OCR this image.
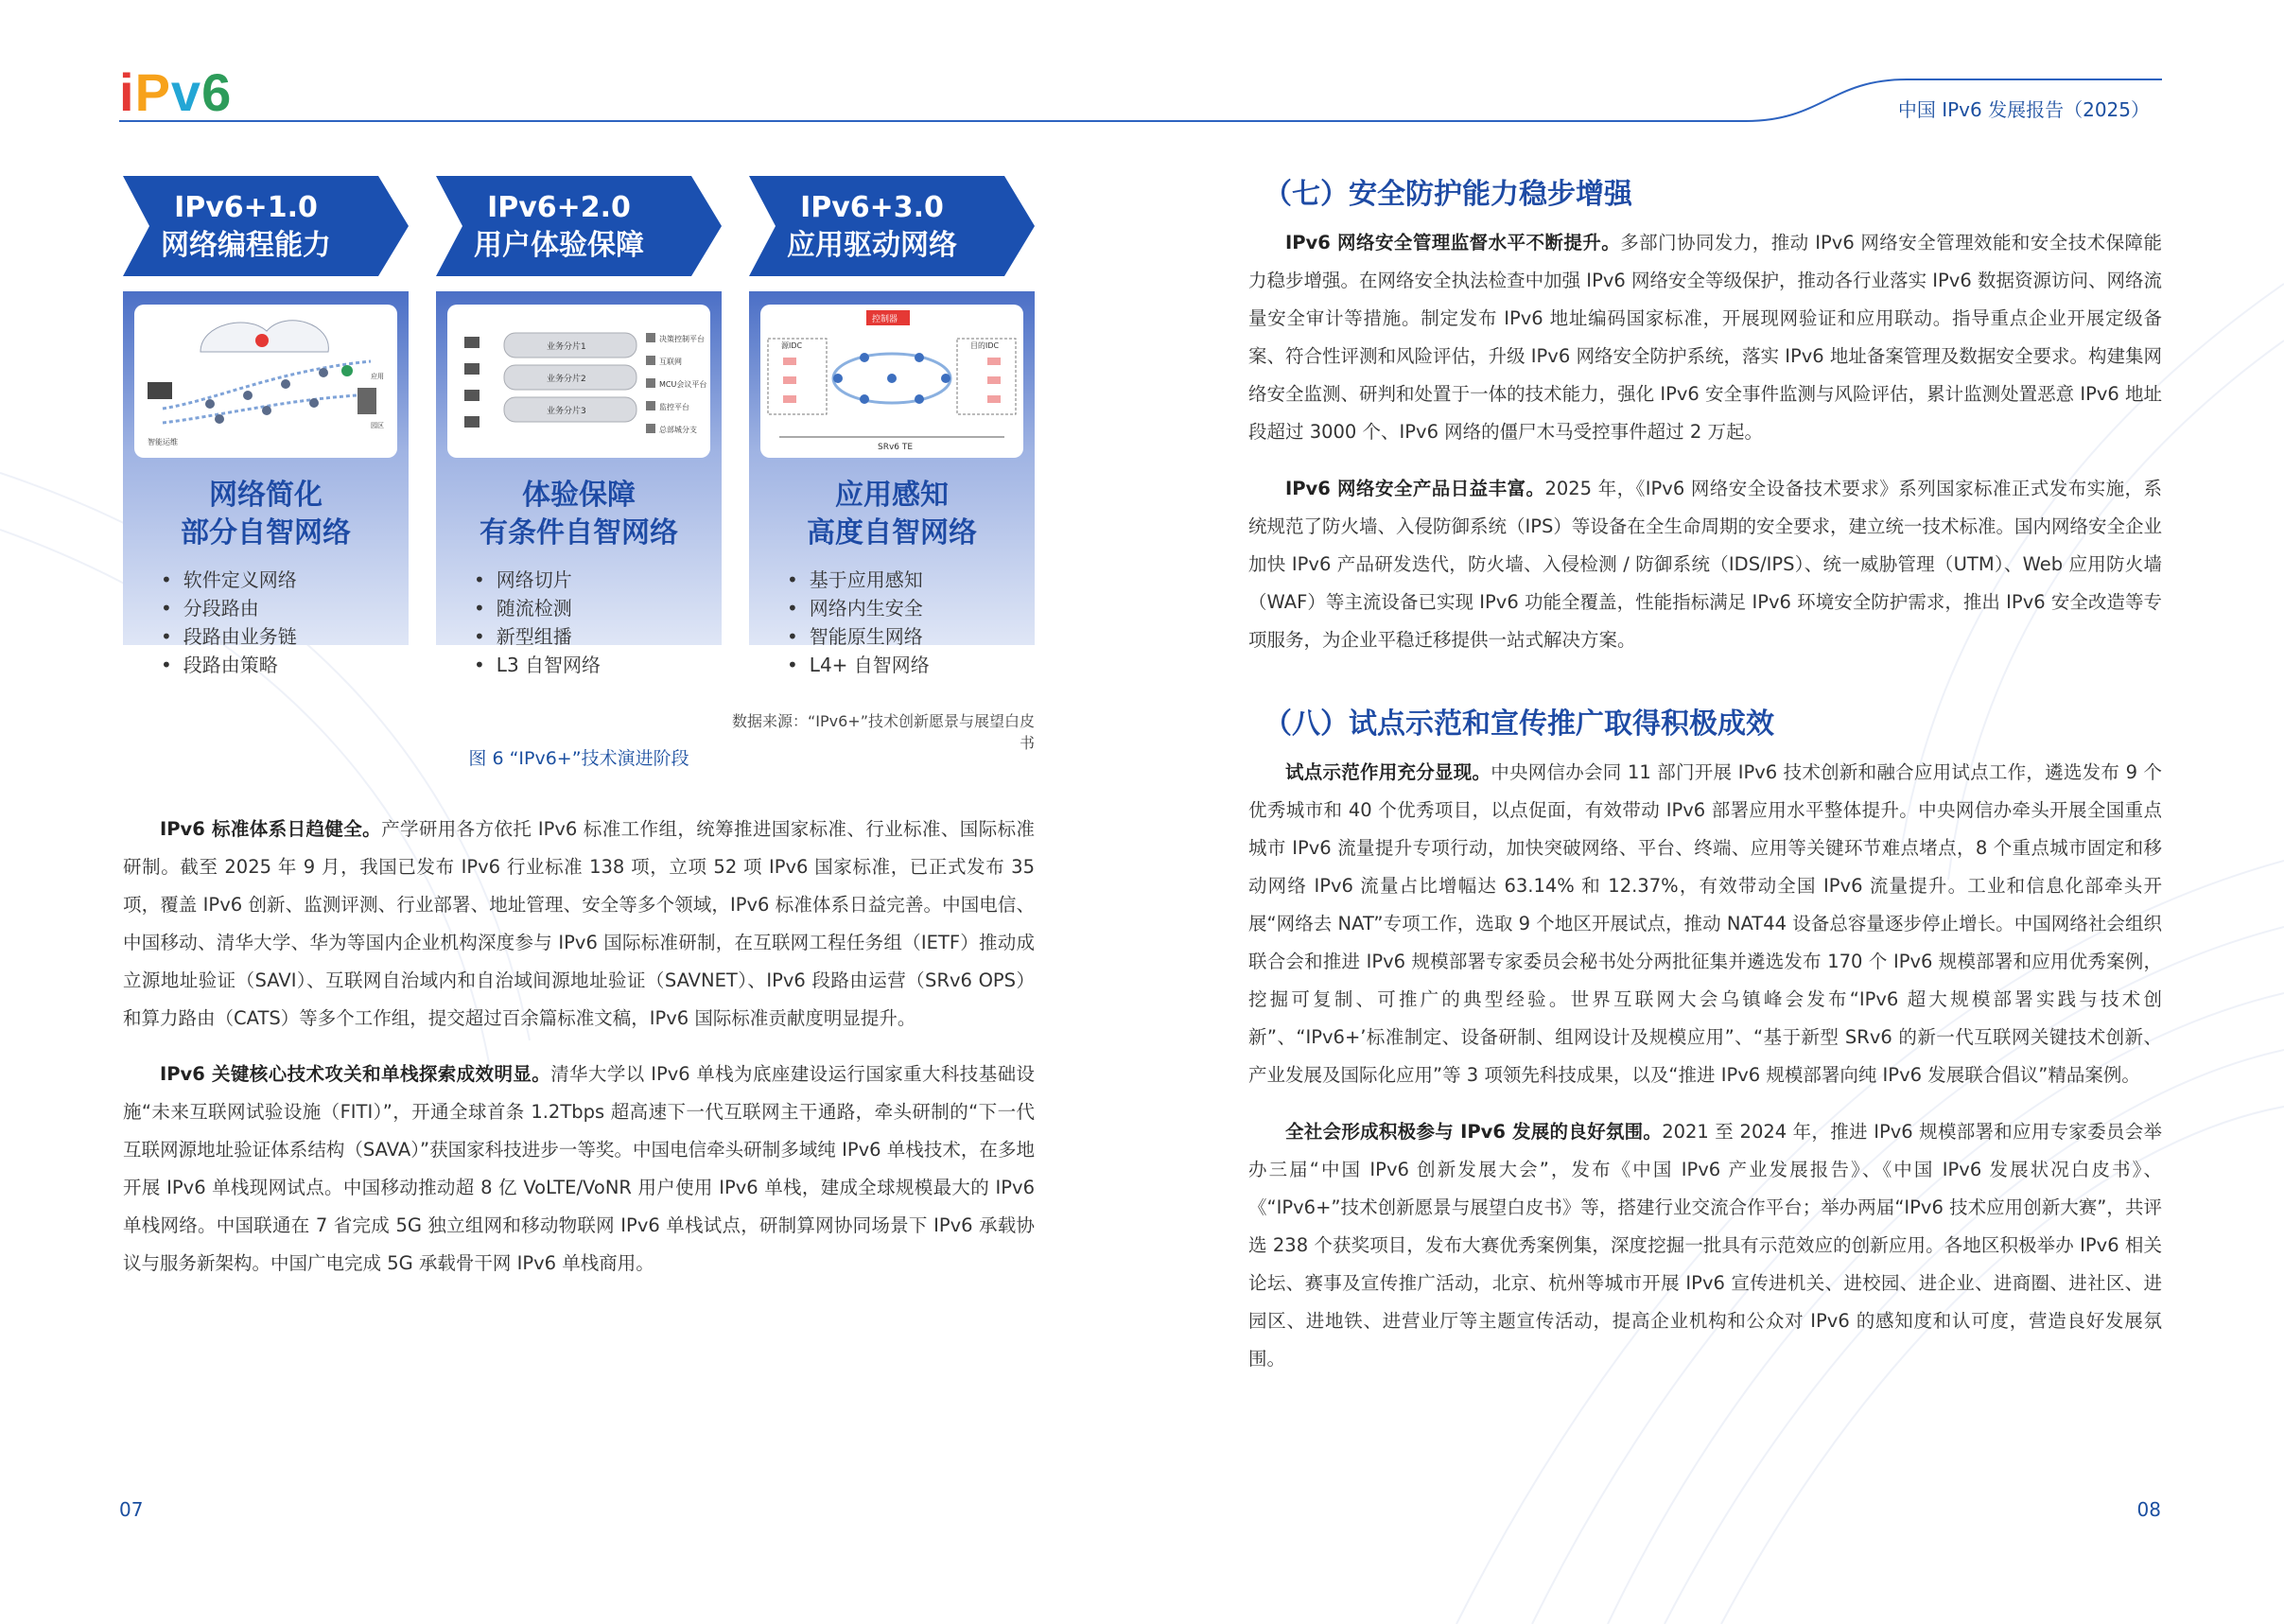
iPv6	中国 IPv6 发展报告（2025）
IPv6+1.0
网络编程能力
智能运维
应用
园区
网络简化
部分自智网络
• 软件定义网络
• 分段路由
• 段路由业务链
• 段路由策略
IPv6+2.0
用户体验保障
业务分片1
业务分片2
业务分片3
决策控制平台
互联网
MCU会议平台
监控平台
总部城分支
体验保障
有条件自智网络
• 网络切片
• 随流检测
• 新型组播
• L3 自智网络
IPv6+3.0
应用驱动网络
控制器
源IDC	目的IDC
SRv6 TE
应用感知
高度自智网络
• 基于应用感知
• 网络内生安全
• 智能原生网络
• L4+ 自智网络
数据来源：“IPv6+”技术创新愿景与展望白皮书
图 6 “IPv6+”技术演进阶段

IPv6 标准体系日趋健全。产学研用各方依托 IPv6 标准工作组，统筹推进国家标准、行业标准、国际标准研制。截至 2025 年 9 月，我国已发布 IPv6 行业标准 138 项，立项 52 项 IPv6 国家标准，已正式发布 35 项，覆盖 IPv6 创新、监测评测、行业部署、地址管理、安全等多个领域，IPv6 标准体系日益完善。中国电信、中国移动、清华大学、华为等国内企业机构深度参与 IPv6 国际标准研制，在互联网工程任务组（IETF）推动成立源地址验证（SAVI）、互联网自治域内和自治域间源地址验证（SAVNET）、IPv6 段路由运营（SRv6 OPS）和算力路由（CATS）等多个工作组，提交超过百余篇标准文稿，IPv6 国际标准贡献度明显提升。

IPv6 关键核心技术攻关和单栈探索成效明显。清华大学以 IPv6 单栈为底座建设运行国家重大科技基础设施“未来互联网试验设施（FITI）”，开通全球首条 1.2Tbps 超高速下一代互联网主干通路，牵头研制的“下一代互联网源地址验证体系结构（SAVA）”获国家科技进步一等奖。中国电信牵头研制多域纯 IPv6 单栈技术，在多地开展 IPv6 单栈现网试点。中国移动推动超 8 亿 VoLTE/VoNR 用户使用 IPv6 单栈，建成全球规模最大的 IPv6 单栈网络。中国联通在 7 省完成 5G 独立组网和移动物联网 IPv6 单栈试点，研制算网协同场景下 IPv6 承载协议与服务新架构。中国广电完成 5G 承载骨干网 IPv6 单栈商用。

（七）安全防护能力稳步增强

IPv6 网络安全管理监督水平不断提升。多部门协同发力，推动 IPv6 网络安全管理效能和安全技术保障能力稳步增强。在网络安全执法检查中加强 IPv6 网络安全等级保护，推动各行业落实 IPv6 数据资源访问、网络流量安全审计等措施。制定发布 IPv6 地址编码国家标准，开展现网验证和应用联动。指导重点企业开展定级备案、符合性评测和风险评估，升级 IPv6 网络安全防护系统，落实 IPv6 地址备案管理及数据安全要求。构建集网络安全监测、研判和处置于一体的技术能力，强化 IPv6 安全事件监测与风险评估，累计监测处置恶意 IPv6 地址段超过 3000 个、IPv6 网络的僵尸木马受控事件超过 2 万起。

IPv6 网络安全产品日益丰富。2025 年，《IPv6 网络安全设备技术要求》系列国家标准正式发布实施，系统规范了防火墙、入侵防御系统（IPS）等设备在全生命周期的安全要求，建立统一技术标准。国内网络安全企业加快 IPv6 产品研发迭代，防火墙、入侵检测 / 防御系统（IDS/IPS）、统一威胁管理（UTM）、Web 应用防火墙（WAF）等主流设备已实现 IPv6 功能全覆盖，性能指标满足 IPv6 环境安全防护需求，推出 IPv6 安全改造等专项服务，为企业平稳迁移提供一站式解决方案。

（八）试点示范和宣传推广取得积极成效

试点示范作用充分显现。中央网信办会同 11 部门开展 IPv6 技术创新和融合应用试点工作，遴选发布 9 个优秀城市和 40 个优秀项目，以点促面，有效带动 IPv6 部署应用水平整体提升。中央网信办牵头开展全国重点城市 IPv6 流量提升专项行动，加快突破网络、平台、终端、应用等关键环节难点堵点，8 个重点城市固定和移动网络 IPv6 流量占比增幅达 63.14% 和 12.37%，有效带动全国 IPv6 流量提升。工业和信息化部牵头开展“网络去 NAT”专项工作，选取 9 个地区开展试点，推动 NAT44 设备总容量逐步停止增长。中国网络社会组织联合会和推进 IPv6 规模部署专家委员会秘书处分两批征集并遴选发布 170 个 IPv6 规模部署和应用优秀案例，挖掘可复制、可推广的典型经验。世界互联网大会乌镇峰会发布“IPv6 超大规模部署实践与技术创新”、“IPv6+’标准制定、设备研制、组网设计及规模应用”、“基于新型 SRv6 的新一代互联网关键技术创新、产业发展及国际化应用”等 3 项领先科技成果，以及“推进 IPv6 规模部署向纯 IPv6 发展联合倡议”精品案例。

全社会形成积极参与 IPv6 发展的良好氛围。2021 至 2024 年，推进 IPv6 规模部署和应用专家委员会举办三届“中国 IPv6 创新发展大会”，发布《中国 IPv6 产业发展报告》、《中国 IPv6 发展状况白皮书》、《“IPv6+”技术创新愿景与展望白皮书》等，搭建行业交流合作平台；举办两届“IPv6 技术应用创新大赛”，共评选 238 个获奖项目，发布大赛优秀案例集，深度挖掘一批具有示范效应的创新应用。各地区积极举办 IPv6 相关论坛、赛事及宣传推广活动，北京、杭州等城市开展 IPv6 宣传进机关、进校园、进企业、进商圈、进社区、进园区、进地铁、进营业厅等主题宣传活动，提高企业机构和公众对 IPv6 的感知度和认可度，营造良好发展氛围。

07	08
